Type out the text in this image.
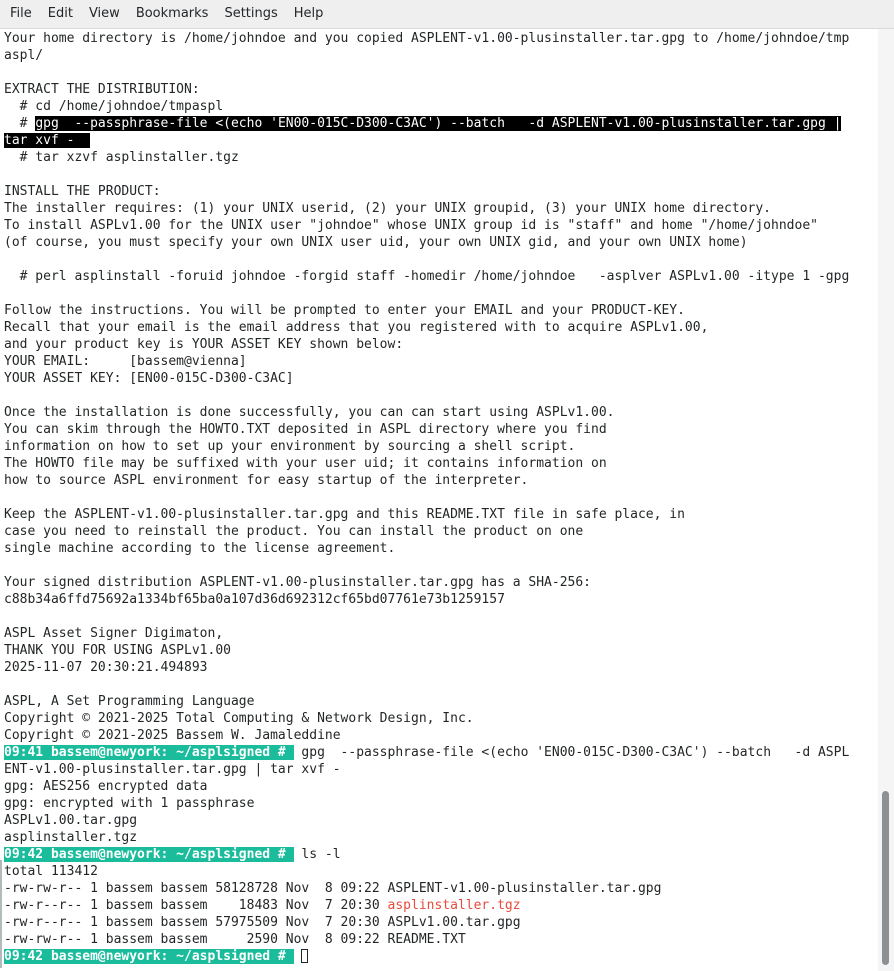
File	Edit	View	Bookmarks	Settings	Help
Your home directory is /home/johndoe and you copied ASPLENT-v1.00-plusinstaller.tar.gpg to /home/johndoe/tmp
aspl/
EXTRACT THE DISTRIBUTION:
# cd /home/johndoe/tmpaspl
# gpg  --passphrase-file <(echo 'EN00-015C-D300-C3AC') --batch   -d ASPLENT-v1.00-plusinstaller.tar.gpg |
tar xvf -
# tar xzvf asplinstaller.tgz
INSTALL THE PRODUCT:
The installer requires: (1) your UNIX userid, (2) your UNIX groupid, (3) your UNIX home directory.
To install ASPLv1.00 for the UNIX user "johndoe" whose UNIX group id is "staff" and home "/home/johndoe"
(of course, you must specify your own UNIX user uid, your own UNIX gid, and your own UNIX home)
# perl asplinstall -foruid johndoe -forgid staff -homedir /home/johndoe   -asplver ASPLv1.00 -itype 1 -gpg
Follow the instructions. You will be prompted to enter your EMAIL and your PRODUCT-KEY.
Recall that your email is the email address that you registered with to acquire ASPLv1.00,
and your product key is YOUR ASSET KEY shown below:
YOUR EMAIL:     [bassem@vienna]
YOUR ASSET KEY: [EN00-015C-D300-C3AC]
Once the installation is done successfully, you can can start using ASPLv1.00.
You can skim through the HOWTO.TXT deposited in ASPL directory where you find
information on how to set up your environment by sourcing a shell script.
The HOWTO file may be suffixed with your user uid; it contains information on
how to source ASPL environment for easy startup of the interpreter.
Keep the ASPLENT-v1.00-plusinstaller.tar.gpg and this README.TXT file in safe place, in
case you need to reinstall the product. You can install the product on one
single machine according to the license agreement.
Your signed distribution ASPLENT-v1.00-plusinstaller.tar.gpg has a SHA-256:
c88b34a6ffd75692a1334bf65ba0a107d36d692312cf65bd07761e73b1259157
ASPL Asset Signer Digimaton,
THANK YOU FOR USING ASPLv1.00
2025-11-07 20:30:21.494893
ASPL, A Set Programming Language
Copyright © 2021-2025 Total Computing & Network Design, Inc.
Copyright © 2021-2025 Bassem W. Jamaleddine
09:41 bassem@newyork: ~/asplsigned #  gpg  --passphrase-file <(echo 'EN00-015C-D300-C3AC') --batch   -d ASPL
ENT-v1.00-plusinstaller.tar.gpg | tar xvf -
gpg: AES256 encrypted data
gpg: encrypted with 1 passphrase
ASPLv1.00.tar.gpg
asplinstaller.tgz
09:42 bassem@newyork: ~/asplsigned #  ls -l
total 113412
-rw-rw-r-- 1 bassem bassem 58128728 Nov  8 09:22 ASPLENT-v1.00-plusinstaller.tar.gpg
-rw-r--r-- 1 bassem bassem    18483 Nov  7 20:30 asplinstaller.tgz
-rw-r--r-- 1 bassem bassem 57975509 Nov  7 20:30 ASPLv1.00.tar.gpg
-rw-rw-r-- 1 bassem bassem     2590 Nov  8 09:22 README.TXT
09:42 bassem@newyork: ~/asplsigned #
